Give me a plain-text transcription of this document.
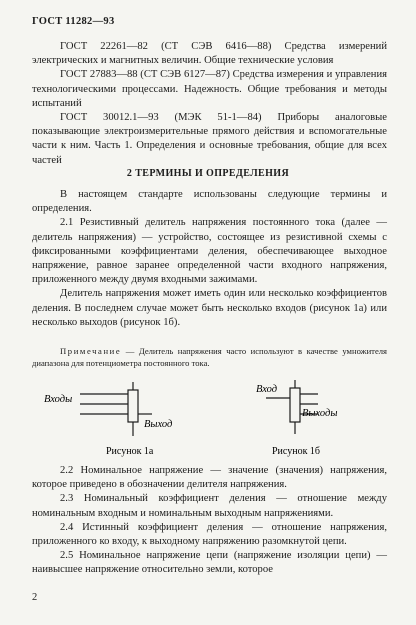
ГОСТ 11282—93

ГОСТ 22261—82 (СТ СЭВ 6416—88) Средства измерений электрических и магнитных величин. Общие технические условия

ГОСТ 27883—88 (СТ СЭВ 6127—87) Средства измерения и управления технологическими процессами. Надежность. Общие требования и методы испытаний

ГОСТ 30012.1—93 (МЭК 51-1—84) Приборы аналоговые показывающие электроизмерительные прямого действия и вспомогательные части к ним. Часть 1. Определения и основные требования, общие для всех частей

2 ТЕРМИНЫ И ОПРЕДЕЛЕНИЯ

В настоящем стандарте использованы следующие термины и определения.

2.1 Резистивный делитель напряжения постоянного тока (далее — делитель напряжения) — устройство, состоящее из резистивной схемы с фиксированными коэффициентами деления, обеспечивающее выходное напряжение, равное заранее определенной части входного напряжения, приложенного между двумя входными зажимами.

Делитель напряжения может иметь один или несколько коэффициентов деления. В последнем случае может быть несколько входов (рисунок 1а) или несколько выходов (рисунок 1б).

Примечание — Делитель напряжения часто используют в качестве умножителя диапазона для потенциометра постоянного тока.

Входы
Выход
Рисунок 1а
Вход
Выходы
Рисунок 1б

2.2 Номинальное напряжение — значение (значения) напряжения, которое приведено в обозначении делителя напряжения.

2.3 Номинальный коэффициент деления — отношение между номинальным входным и номинальным выходным напряжениями.

2.4 Истинный коэффициент деления — отношение напряжения, приложенного ко входу, к выходному напряжению разомкнутой цепи.

2.5 Номинальное напряжение цепи (напряжение изоляции цепи) — наивысшее напряжение относительно земли, которое

2
